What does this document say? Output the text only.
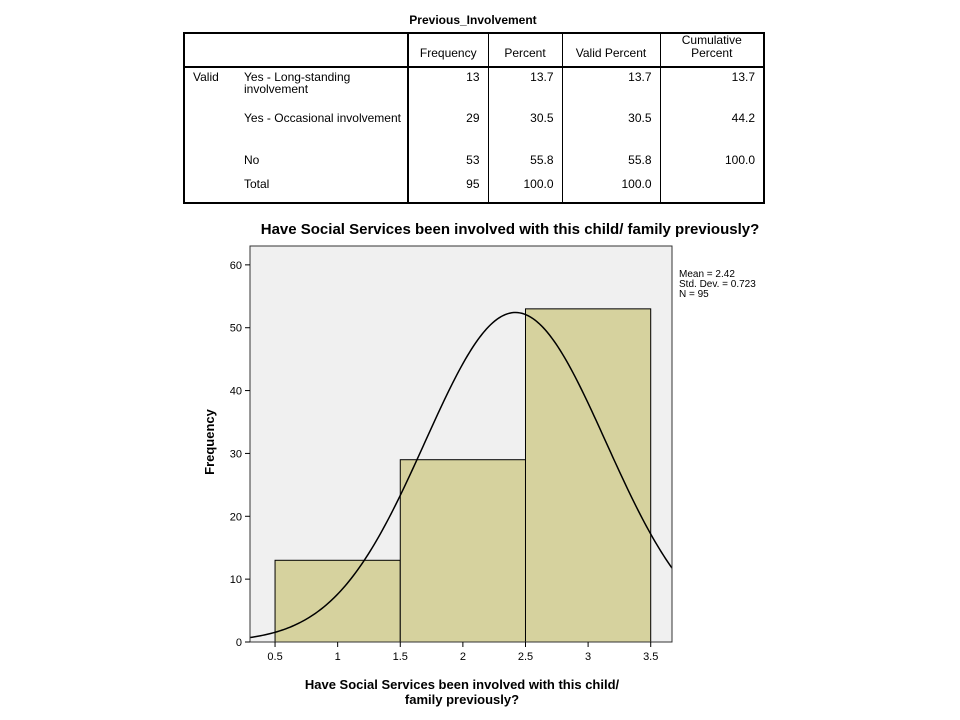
Previous_Involvement
		Frequency	Percent	Valid Percent	Cumulative Percent
Valid	Yes - Long-standing involvement	13	13.7	13.7	13.7
	Yes - Occasional involvement	29	30.5	30.5	44.2
	No	53	55.8	55.8	100.0
	Total	95	100.0	100.0	
Have Social Services been involved with this child/ family previously?
0
10
20
30
40
50
60
0.5	1	1.5	2	2.5	3	3.5
Frequency
Have Social Services been involved with this child/ family previously?
Mean = 2.42
Std. Dev. = 0.723
N = 95
